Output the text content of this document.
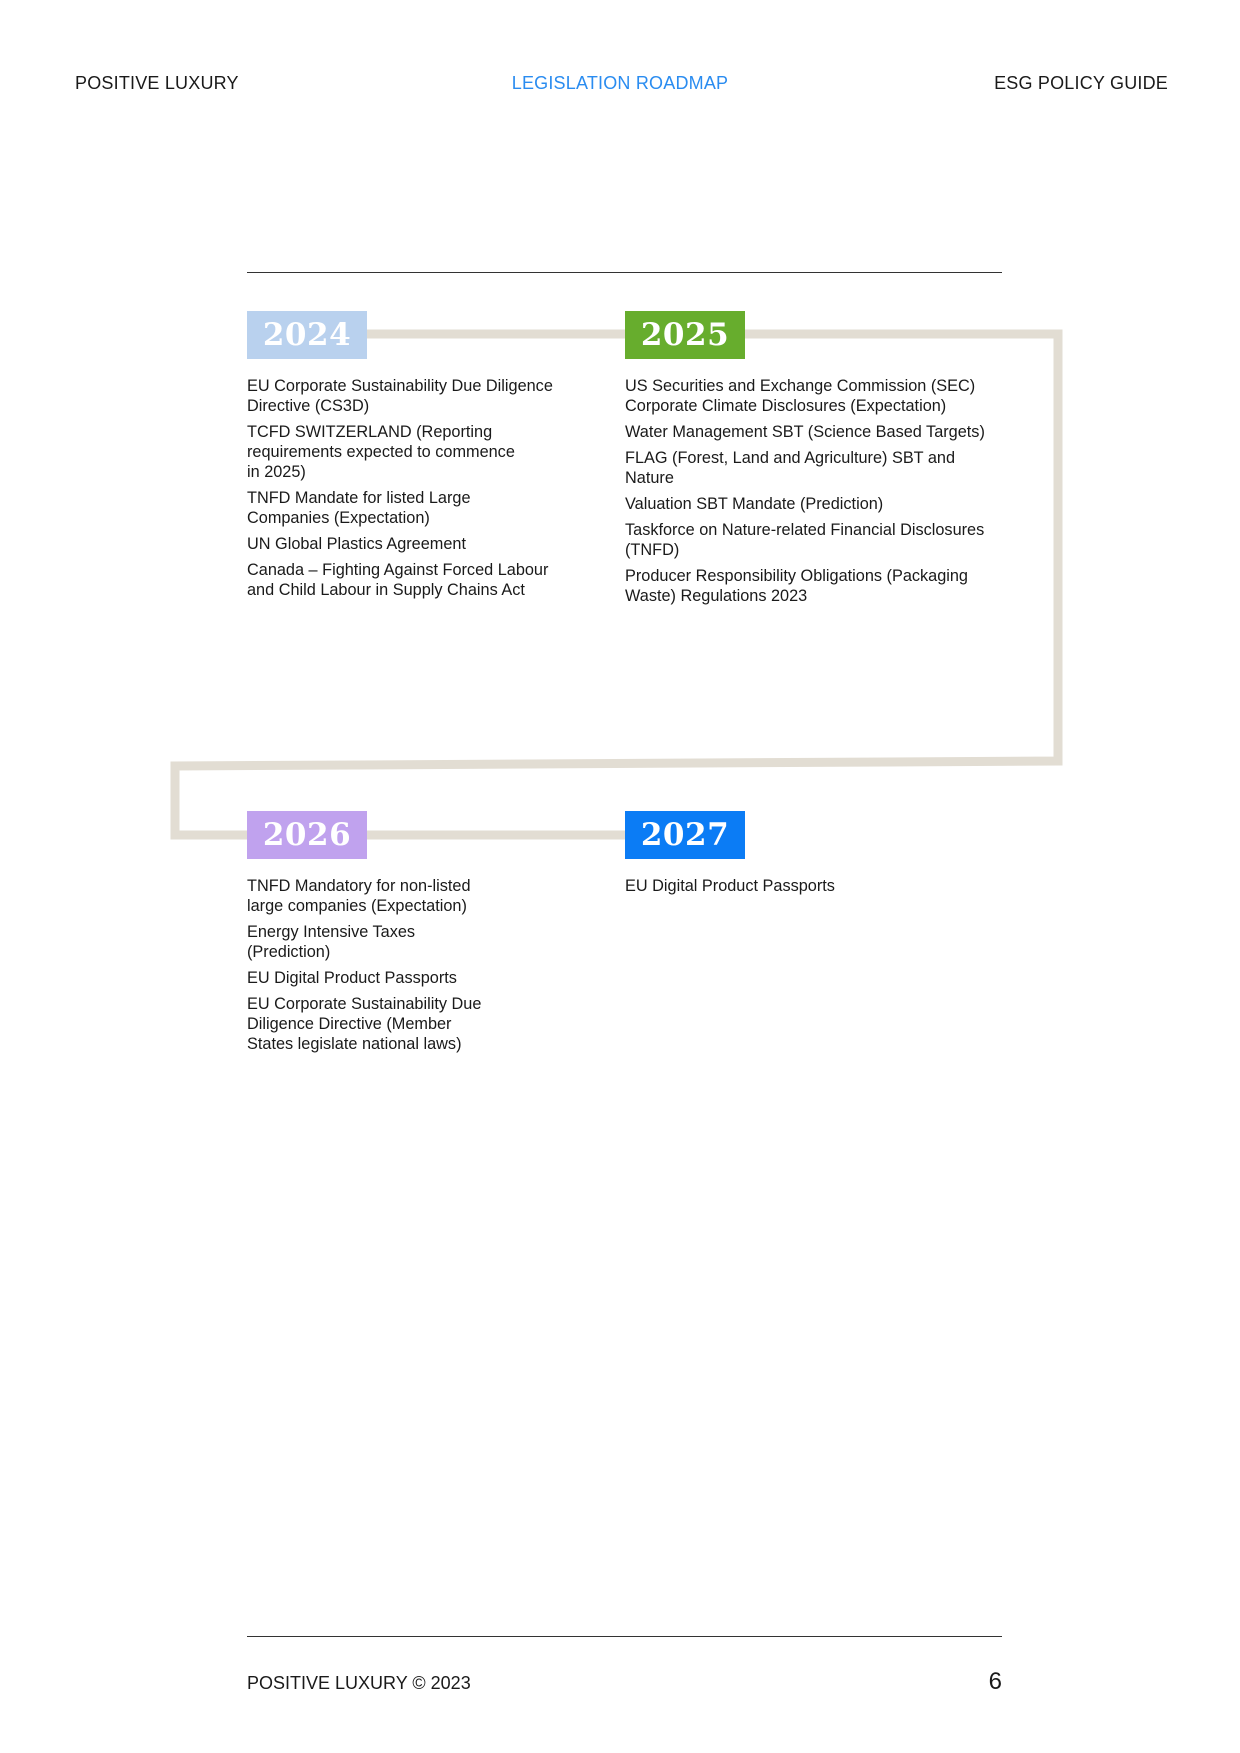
POSITIVE LUXURY	LEGISLATION ROADMAP	ESG POLICY GUIDE
2024
EU Corporate Sustainability Due Diligence
Directive (CS3D)
TCFD SWITZERLAND (Reporting
requirements expected to commence
in 2025)
TNFD Mandate for listed Large
Companies (Expectation)
UN Global Plastics Agreement
Canada – Fighting Against Forced Labour
and Child Labour in Supply Chains Act
2025
US Securities and Exchange Commission (SEC)
Corporate Climate Disclosures (Expectation)
Water Management SBT (Science Based Targets)
FLAG (Forest, Land and Agriculture) SBT and
Nature
Valuation SBT Mandate (Prediction)
Taskforce on Nature-related Financial Disclosures
(TNFD)
Producer Responsibility Obligations (Packaging
Waste) Regulations 2023
2026
TNFD Mandatory for non-listed
large companies (Expectation)
Energy Intensive Taxes
(Prediction)
EU Digital Product Passports
EU Corporate Sustainability Due
Diligence Directive (Member
States legislate national laws)
2027
EU Digital Product Passports
POSITIVE LUXURY © 2023	6
